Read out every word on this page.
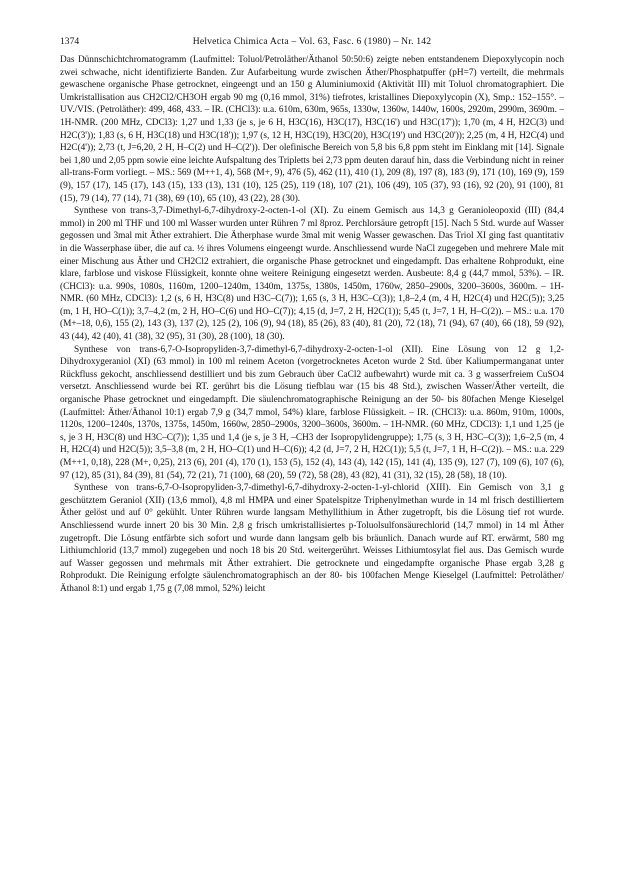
1374	Helvetica Chimica Acta – Vol. 63, Fasc. 6 (1980) – Nr. 142

Das Dünnschichtchromatogramm (Laufmittel: Toluol/Petroläther/Äthanol 50:50:6) zeigte neben entstandenem Diepoxylycopin noch zwei schwache, nicht identifizierte Banden. Zur Aufarbeitung wurde zwischen Äther/Phosphatpuffer (pH=7) verteilt, die mehrmals gewaschene organische Phase getrocknet, eingeengt und an 150 g Aluminiumoxid (Aktivität III) mit Toluol chromatographiert. Die Umkristallisation aus CH2Cl2/CH3OH ergab 90 mg (0,16 mmol, 31%) tiefrotes, kristallines Diepoxylycopin (X), Smp.: 152–155°. – UV./VIS. (Petroläther): 499, 468, 433. – IR. (CHCl3): u.a. 610m, 630m, 965s, 1330w, 1360w, 1440w, 1600s, 2920m, 2990m, 3690m. – 1H-NMR. (200 MHz, CDCl3): 1,27 und 1,33 (je s, je 6 H, H3C(16), H3C(17), H3C(16') und H3C(17')); 1,70 (m, 4 H, H2C(3) und H2C(3')); 1,83 (s, 6 H, H3C(18) und H3C(18')); 1,97 (s, 12 H, H3C(19), H3C(20), H3C(19') und H3C(20')); 2,25 (m, 4 H, H2C(4) und H2C(4')); 2,73 (t, J=6,20, 2 H, H–C(2) und H–C(2')). Der olefinische Bereich von 5,8 bis 6,8 ppm steht im Einklang mit [14]. Signale bei 1,80 und 2,05 ppm sowie eine leichte Aufspaltung des Tripletts bei 2,73 ppm deuten darauf hin, dass die Verbindung nicht in reiner all-trans-Form vorliegt. – MS.: 569 (M++1, 4), 568 (M+, 9), 476 (5), 462 (11), 410 (1), 209 (8), 197 (8), 183 (9), 171 (10), 169 (9), 159 (9), 157 (17), 145 (17), 143 (15), 133 (13), 131 (10), 125 (25), 119 (18), 107 (21), 106 (49), 105 (37), 93 (16), 92 (20), 91 (100), 81 (15), 79 (14), 77 (14), 71 (38), 69 (10), 65 (10), 43 (22), 28 (30).

Synthese von trans-3,7-Dimethyl-6,7-dihydroxy-2-octen-1-ol (XI). Zu einem Gemisch aus 14,3 g Geranioleopoxid (III) (84,4 mmol) in 200 ml THF und 100 ml Wasser wurden unter Rühren 7 ml 8proz. Perchlorsäure getropft [15]. Nach 5 Std. wurde auf Wasser gegossen und 3mal mit Äther extrahiert. Die Ätherphase wurde 3mal mit wenig Wasser gewaschen. Das Triol XI ging fast quantitativ in die Wasserphase über, die auf ca. ½ ihres Volumens eingeengt wurde. Anschliessend wurde NaCl zugegeben und mehrere Male mit einer Mischung aus Äther und CH2Cl2 extrahiert, die organische Phase getrocknet und eingedampft. Das erhaltene Rohprodukt, eine klare, farblose und viskose Flüssigkeit, konnte ohne weitere Reinigung eingesetzt werden. Ausbeute: 8,4 g (44,7 mmol, 53%). – IR. (CHCl3): u.a. 990s, 1080s, 1160m, 1200–1240m, 1340m, 1375s, 1380s, 1450m, 1760w, 2850–2900s, 3200–3600s, 3600m. – 1H-NMR. (60 MHz, CDCl3): 1,2 (s, 6 H, H3C(8) und H3C–C(7)); 1,65 (s, 3 H, H3C–C(3)); 1,8–2,4 (m, 4 H, H2C(4) und H2C(5)); 3,25 (m, 1 H, HO–C(1)); 3,7–4,2 (m, 2 H, HO–C(6) und HO–C(7)); 4,15 (d, J=7, 2 H, H2C(1)); 5,45 (t, J=7, 1 H, H–C(2)). – MS.: u.a. 170 (M+–18, 0,6), 155 (2), 143 (3), 137 (2), 125 (2), 106 (9), 94 (18), 85 (26), 83 (40), 81 (20), 72 (18), 71 (94), 67 (40), 66 (18), 59 (92), 43 (44), 42 (40), 41 (38), 32 (95), 31 (30), 28 (100), 18 (30).

Synthese von trans-6,7-O-Isopropyliden-3,7-dimethyl-6,7-dihydroxy-2-octen-1-ol (XII). Eine Lösung von 12 g 1,2-Dihydroxygeraniol (XI) (63 mmol) in 100 ml reinem Aceton (vorgetrocknetes Aceton wurde 2 Std. über Kaliumpermanganat unter Rückfluss gekocht, anschliessend destilliert und bis zum Gebrauch über CaCl2 aufbewahrt) wurde mit ca. 3 g wasserfreiem CuSO4 versetzt. Anschliessend wurde bei RT. gerührt bis die Lösung tiefblau war (15 bis 48 Std.), zwischen Wasser/Äther verteilt, die organische Phase getrocknet und eingedampft. Die säulenchromatographische Reinigung an der 50- bis 80fachen Menge Kieselgel (Laufmittel: Äther/Äthanol 10:1) ergab 7,9 g (34,7 mmol, 54%) klare, farblose Flüssigkeit. – IR. (CHCl3): u.a. 860m, 910m, 1000s, 1120s, 1200–1240s, 1370s, 1375s, 1450m, 1660w, 2850–2900s, 3200–3600s, 3600m. – 1H-NMR. (60 MHz, CDCl3): 1,1 und 1,25 (je s, je 3 H, H3C(8) und H3C–C(7)); 1,35 und 1,4 (je s, je 3 H, –CH3 der Isopropylidengruppe); 1,75 (s, 3 H, H3C–C(3)); 1,6–2,5 (m, 4 H, H2C(4) und H2C(5)); 3,5–3,8 (m, 2 H, HO–C(1) und H–C(6)); 4,2 (d, J=7, 2 H, H2C(1)); 5,5 (t, J=7, 1 H, H–C(2)). – MS.: u.a. 229 (M++1, 0,18), 228 (M+, 0,25), 213 (6), 201 (4), 170 (1), 153 (5), 152 (4), 143 (4), 142 (15), 141 (4), 135 (9), 127 (7), 109 (6), 107 (6), 97 (12), 85 (31), 84 (39), 81 (54), 72 (21), 71 (100), 68 (20), 59 (72), 58 (28), 43 (82), 41 (31), 32 (15), 28 (58), 18 (10).

Synthese von trans-6,7-O-Isopropyliden-3,7-dimethyl-6,7-dihydroxy-2-octen-1-yl-chlorid (XIII). Ein Gemisch von 3,1 g geschütztem Geraniol (XII) (13,6 mmol), 4,8 ml HMPA und einer Spatelspitze Triphenylmethan wurde in 14 ml frisch destilliertem Äther gelöst und auf 0° gekühlt. Unter Rühren wurde langsam Methyllithium in Äther zugetropft, bis die Lösung tief rot wurde. Anschliessend wurde innert 20 bis 30 Min. 2,8 g frisch umkristallisiertes p-Toluolsulfonsäurechlorid (14,7 mmol) in 14 ml Äther zugetropft. Die Lösung entfärbte sich sofort und wurde dann langsam gelb bis bräunlich. Danach wurde auf RT. erwärmt, 580 mg Lithiumchlorid (13,7 mmol) zugegeben und noch 18 bis 20 Std. weitergerührt. Weisses Lithiumtosylat fiel aus. Das Gemisch wurde auf Wasser gegossen und mehrmals mit Äther extrahiert. Die getrocknete und eingedampfte organische Phase ergab 3,28 g Rohprodukt. Die Reinigung erfolgte säulenchromatographisch an der 80- bis 100fachen Menge Kieselgel (Laufmittel: Petroläther/Äthanol 8:1) und ergab 1,75 g (7,08 mmol, 52%) leicht
